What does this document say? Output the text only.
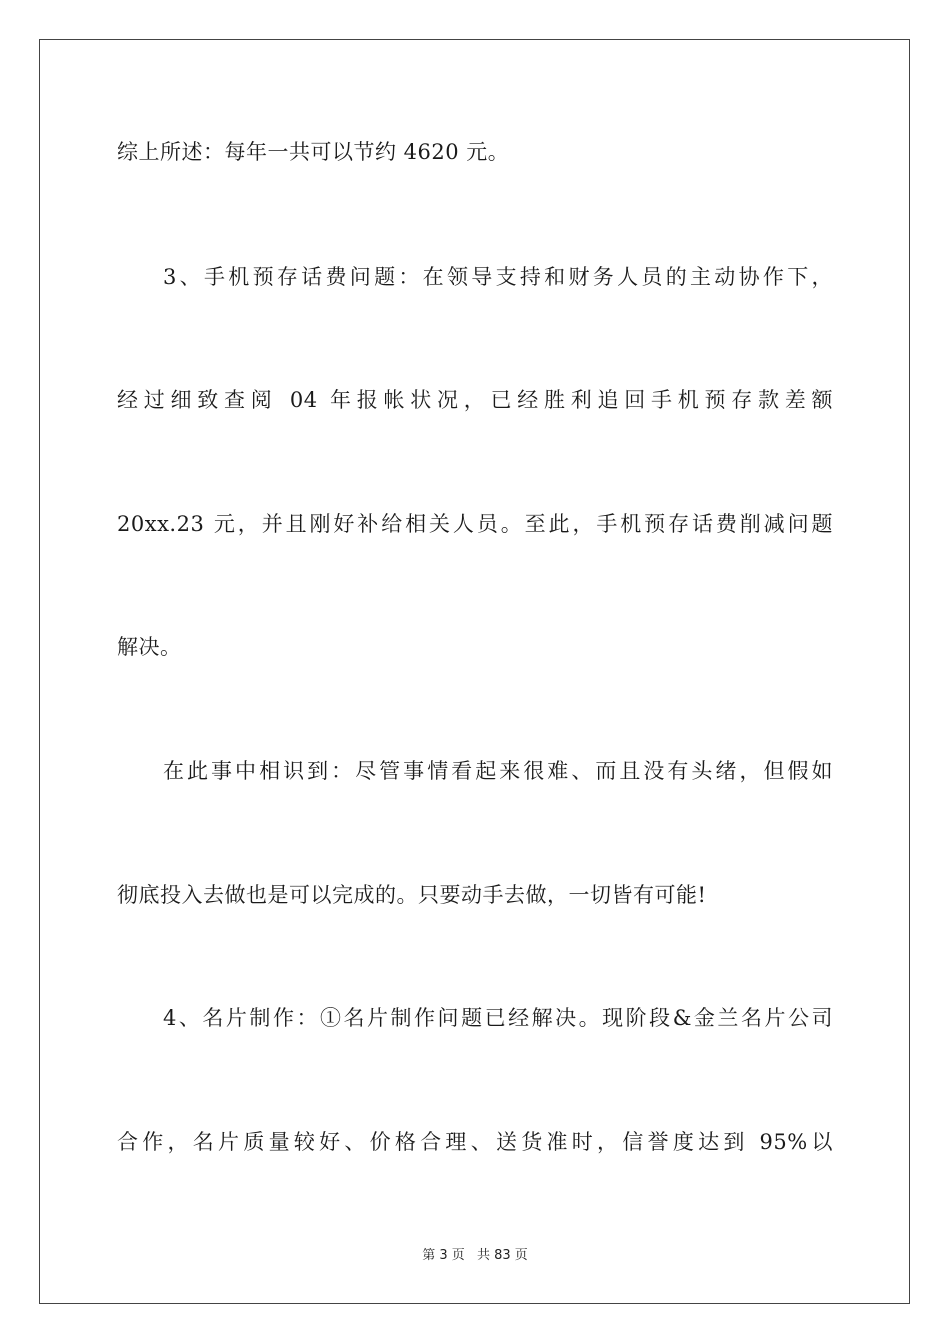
综上所述：每年一共可以节约 4620 元。
3、手机预存话费问题：在领导支持和财务人员的主动协作下，
经过细致查阅 04 年报帐状况，已经胜利追回手机预存款差额
20xx.23 元，并且刚好补给相关人员。至此，手机预存话费削减问题
解决。
在此事中相识到：尽管事情看起来很难、而且没有头绪，但假如
彻底投入去做也是可以完成的。只要动手去做，一切皆有可能!
4、名片制作：①名片制作问题已经解决。现阶段&金兰名片公司
合作，名片质量较好、价格合理、送货准时，信誉度达到 95%以
第 3 页 共 83 页
